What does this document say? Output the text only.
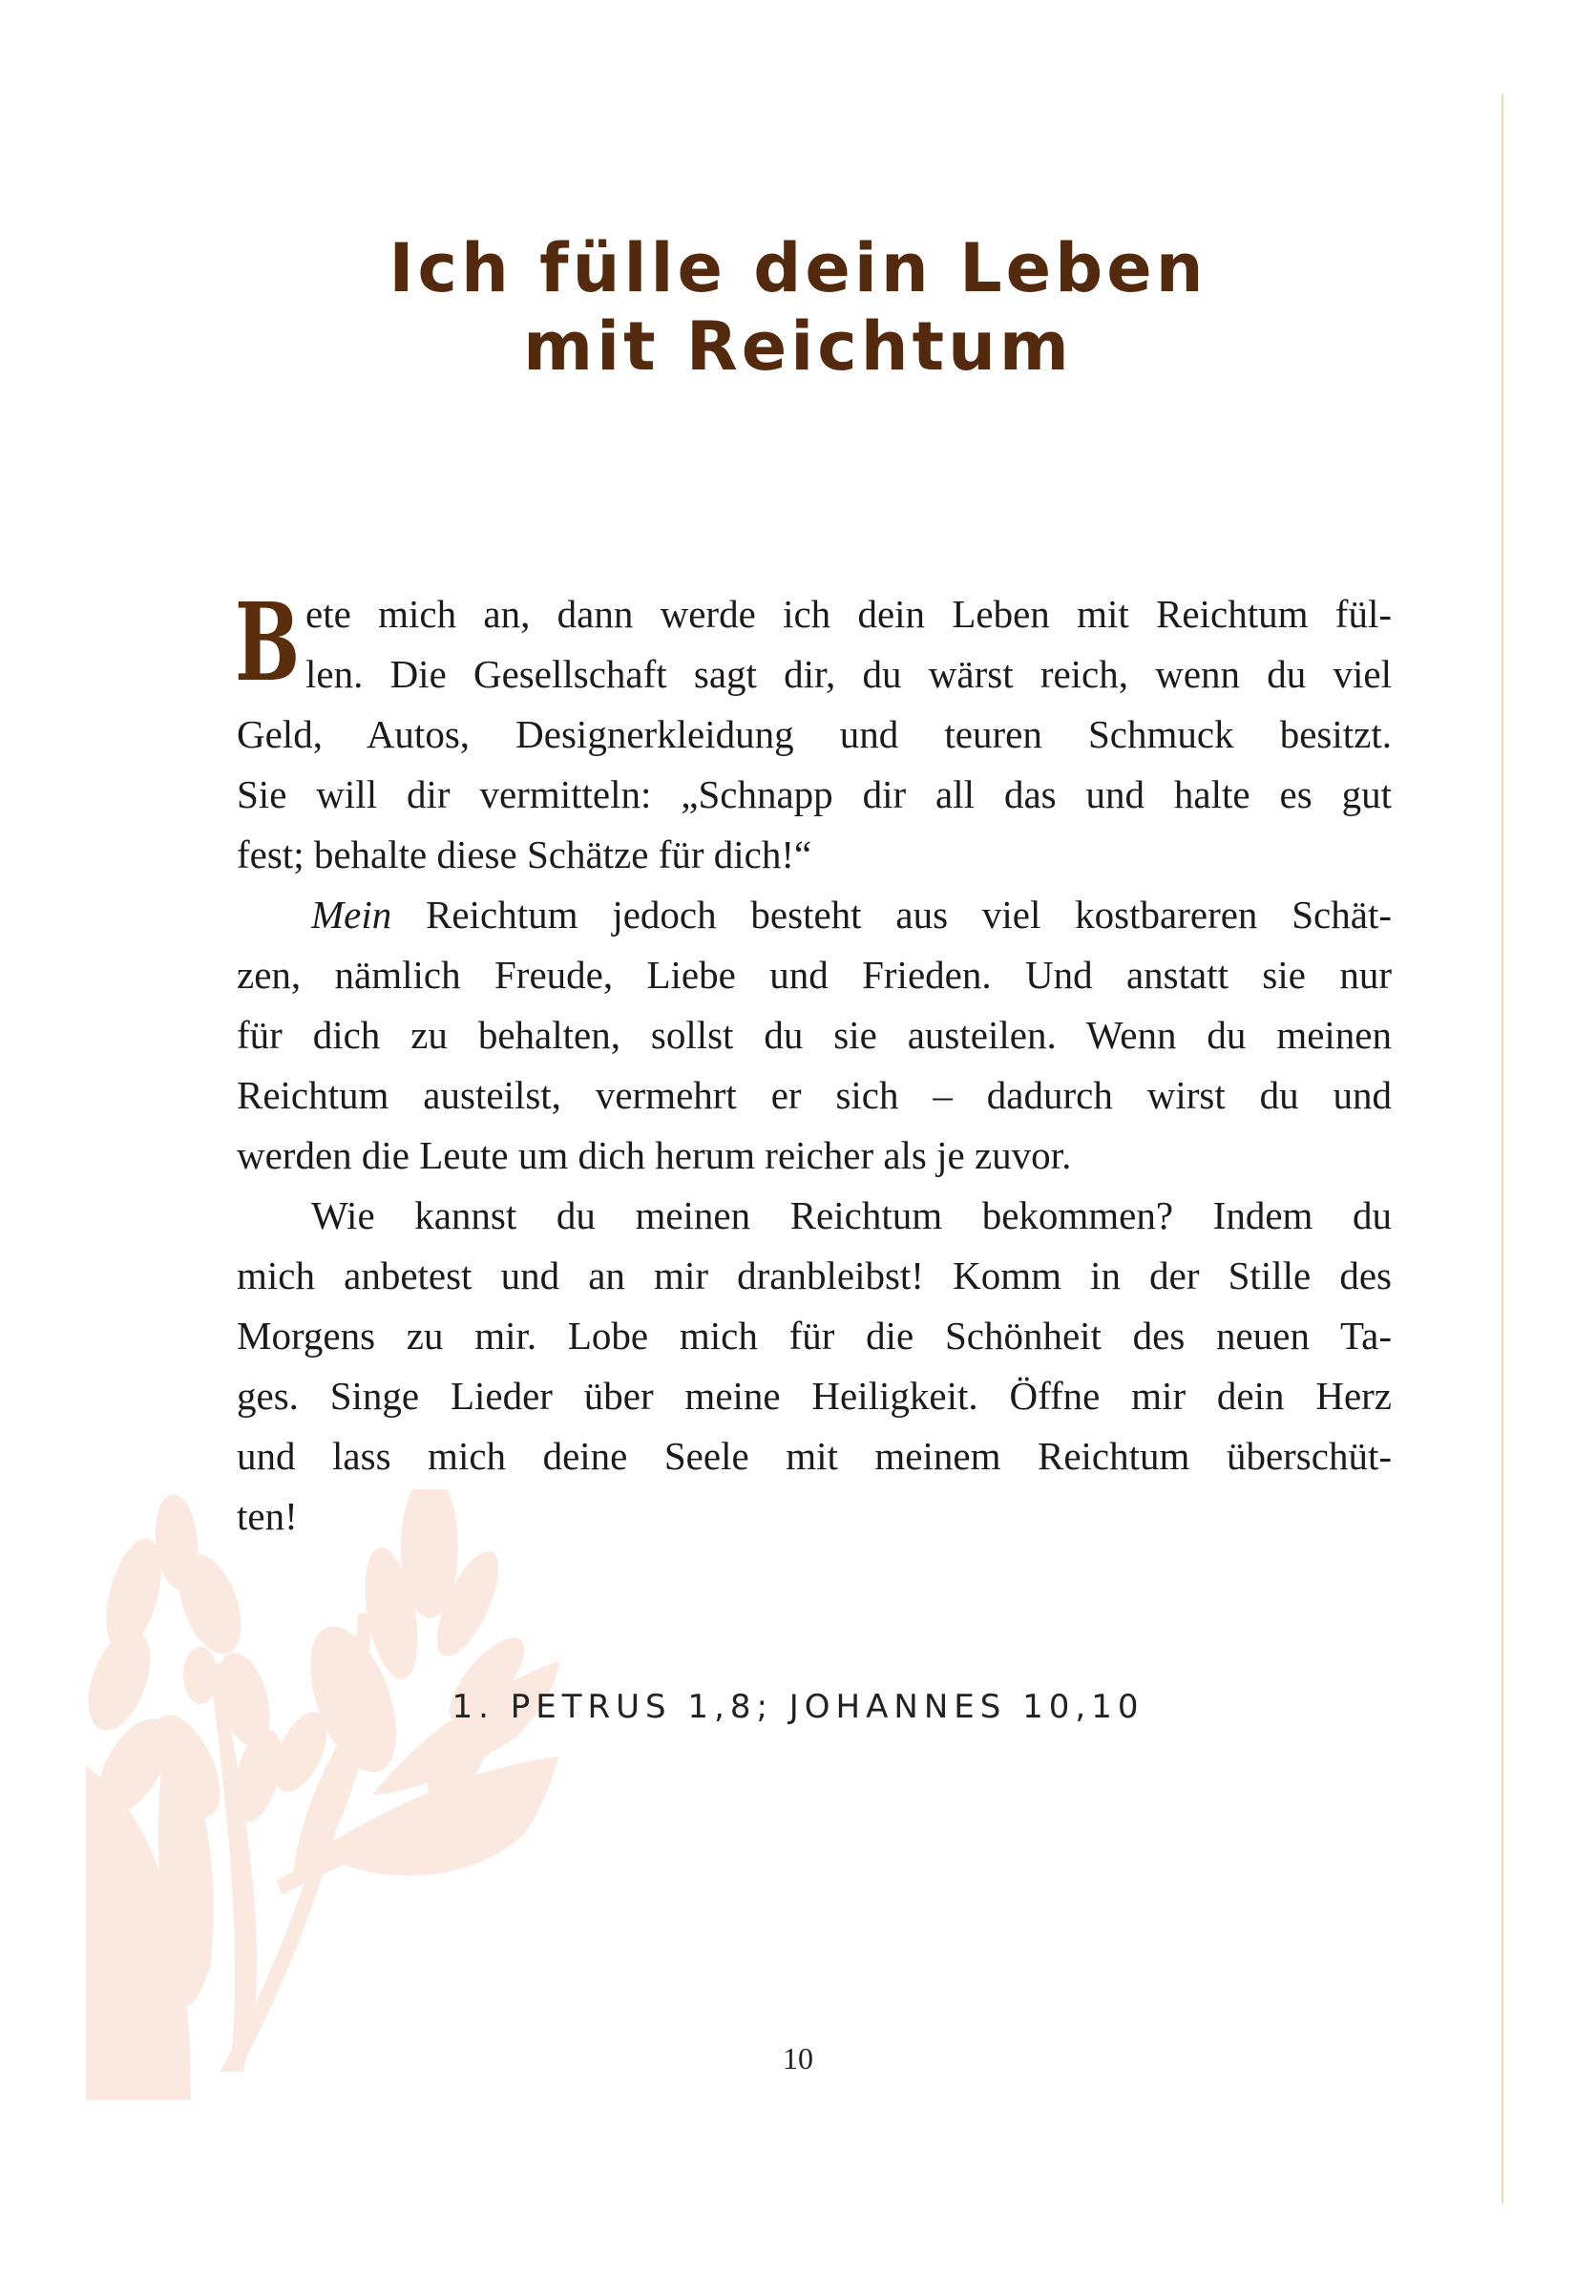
Ich fülle dein Leben
mit Reichtum
B ete mich an, dann werde ich dein Leben mit Reichtum fül-
len. Die Gesellschaft sagt dir, du wärst reich, wenn du viel
Geld, Autos, Designerkleidung und teuren Schmuck besitzt.
Sie will dir vermitteln: „Schnapp dir all das und halte es gut
fest; behalte diese Schätze für dich!“
Mein Reichtum jedoch besteht aus viel kostbareren Schät-
zen, nämlich Freude, Liebe und Frieden. Und anstatt sie nur
für dich zu behalten, sollst du sie austeilen. Wenn du meinen
Reichtum austeilst, vermehrt er sich – dadurch wirst du und
werden die Leute um dich herum reicher als je zuvor.
Wie kannst du meinen Reichtum bekommen? Indem du
mich anbetest und an mir dranbleibst! Komm in der Stille des
Morgens zu mir. Lobe mich für die Schönheit des neuen Ta-
ges. Singe Lieder über meine Heiligkeit. Öffne mir dein Herz
und lass mich deine Seele mit meinem Reichtum überschüt-
ten!
1. PETRUS 1,8; JOHANNES 10,10
10
